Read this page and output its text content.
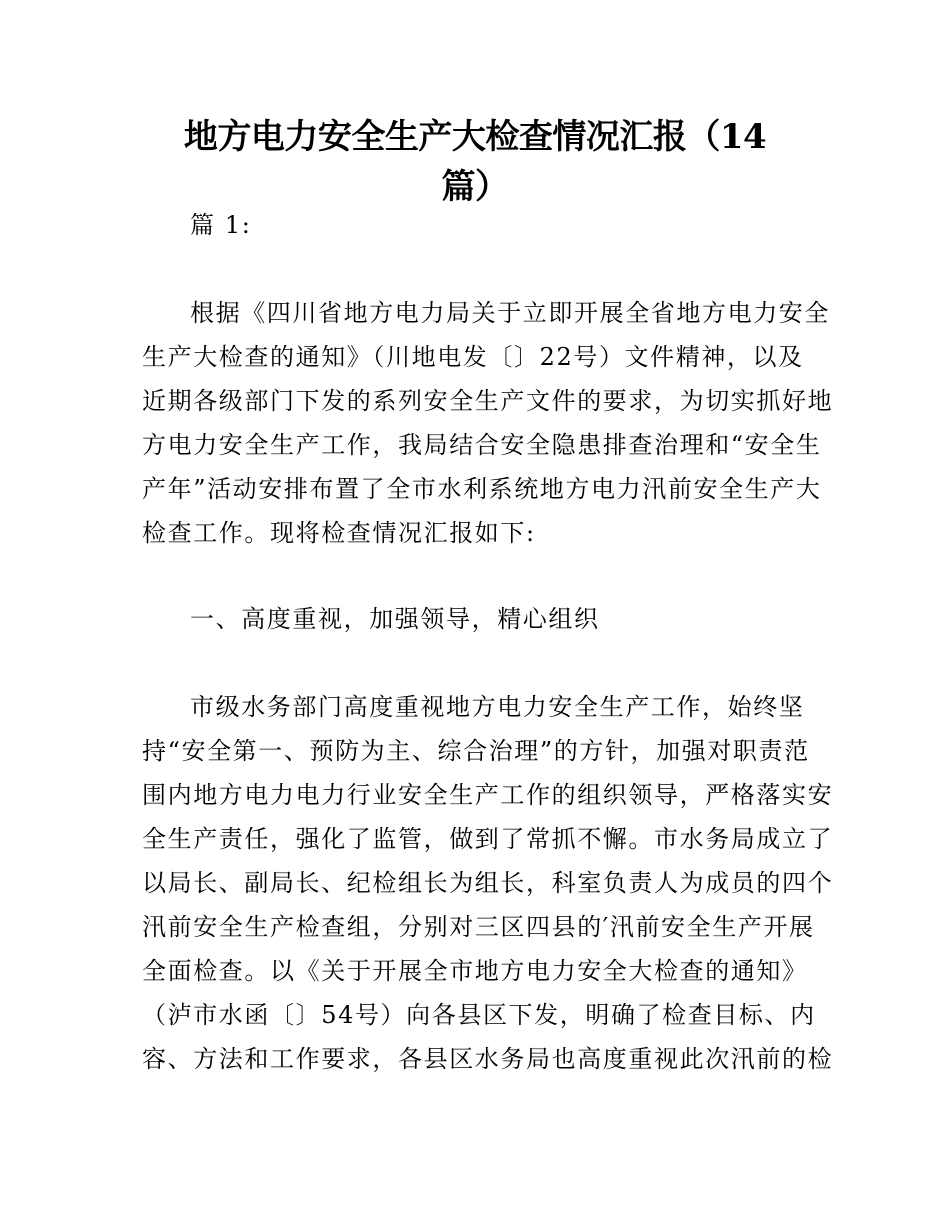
地方电力安全生产大检查情况汇报（14
篇）
篇 1:
根据《四川省地方电力局关于立即开展全省地方电力安全
生产大检查的通知》（川地电发〔〕22号）文件精神，以及
近期各级部门下发的系列安全生产文件的要求，为切实抓好地
方电力安全生产工作，我局结合安全隐患排查治理和“安全生
产年”活动安排布置了全市水利系统地方电力汛前安全生产大
检查工作。现将检查情况汇报如下:
一、高度重视，加强领导，精心组织
市级水务部门高度重视地方电力安全生产工作，始终坚
持“安全第一、预防为主、综合治理”的方针，加强对职责范
围内地方电力电力行业安全生产工作的组织领导，严格落实安
全生产责任，强化了监管，做到了常抓不懈。市水务局成立了
以局长、副局长、纪检组长为组长，科室负责人为成员的四个
汛前安全生产检查组，分别对三区四县的′汛前安全生产开展
全面检查。以《关于开展全市地方电力安全大检查的通知》
（泸市水函〔〕54号）向各县区下发，明确了检查目标、内
容、方法和工作要求，各县区水务局也高度重视此次汛前的检
